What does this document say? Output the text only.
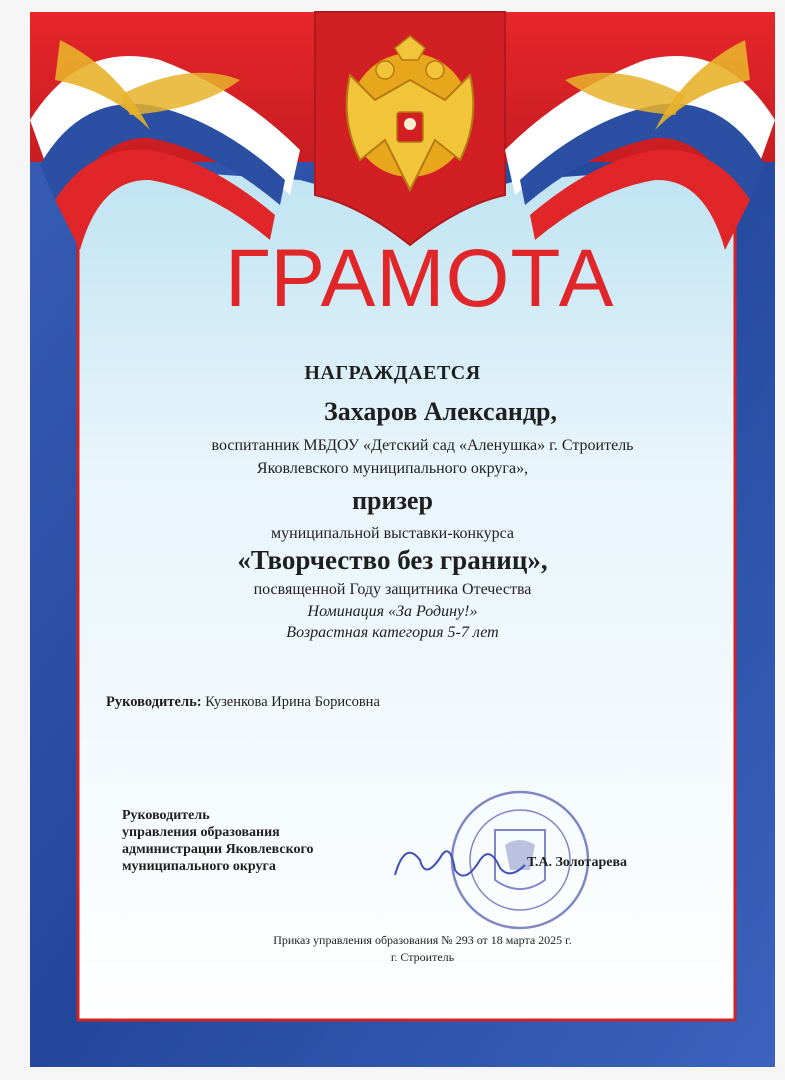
ГРАМОТА
НАГРАЖДАЕТСЯ
Захаров Александр,
воспитанник МБДОУ «Детский сад «Аленушка» г. Строитель
Яковлевского муниципального округа»,
призер
муниципальной выставки-конкурса
«Творчество без границ»,
посвященной Году защитника Отечества
Номинация «За Родину!»
Возрастная категория 5-7 лет
Руководитель: Кузенкова Ирина Борисовна
Руководитель
управления образования
администрации Яковлевского
муниципального округа	Т.А. Золотарева
Приказ управления образования № 293 от 18 марта 2025 г.
г. Строитель
